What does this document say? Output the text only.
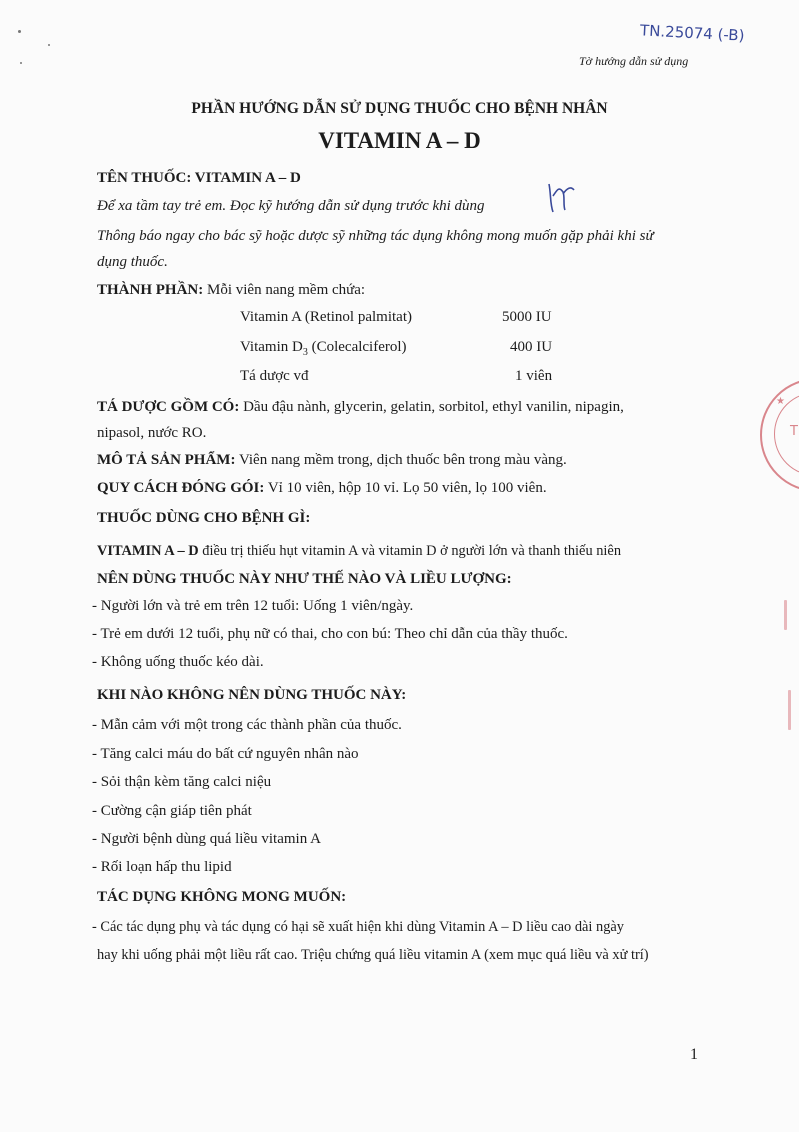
TN.25074 (-B)
Tờ hướng dẫn sử dụng
PHẦN HƯỚNG DẪN SỬ DỤNG THUỐC CHO BỆNH NHÂN
VITAMIN A – D
TÊN THUỐC: VITAMIN A – D
Để xa tầm tay trẻ em. Đọc kỹ hướng dẫn sử dụng trước khi dùng
Thông báo ngay cho bác sỹ hoặc dược sỹ những tác dụng không mong muốn gặp phải khi sử
dụng thuốc.
THÀNH PHẦN: Mỗi viên nang mềm chứa:
Vitamin A (Retinol palmitat)	5000 IU
Vitamin $D_3$ (Colecalciferol)	400 IU
Tá dược vđ	1 viên
TÁ DƯỢC GỒM CÓ: Dầu đậu nành, glycerin, gelatin, sorbitol, ethyl vanilin, nipagin,
nipasol, nước RO.
MÔ TẢ SẢN PHẨM: Viên nang mềm trong, dịch thuốc bên trong màu vàng.
QUY CÁCH ĐÓNG GÓI: Vỉ 10 viên, hộp 10 vỉ. Lọ 50 viên, lọ 100 viên.
THUỐC DÙNG CHO BỆNH GÌ:
VITAMIN A – D điều trị thiếu hụt vitamin A và vitamin D ở người lớn và thanh thiếu niên
NÊN DÙNG THUỐC NÀY NHƯ THẾ NÀO VÀ LIỀU LƯỢNG:
- Người lớn và trẻ em trên 12 tuổi: Uống 1 viên/ngày.
- Trẻ em dưới 12 tuổi, phụ nữ có thai, cho con bú: Theo chỉ dẫn của thầy thuốc.
- Không uống thuốc kéo dài.
KHI NÀO KHÔNG NÊN DÙNG THUỐC NÀY:
- Mẫn cảm với một trong các thành phần của thuốc.
- Tăng calci máu do bất cứ nguyên nhân nào
- Sỏi thận kèm tăng calci niệu
- Cường cận giáp tiên phát
- Người bệnh dùng quá liều vitamin A
- Rối loạn hấp thu lipid
TÁC DỤNG KHÔNG MONG MUỐN:
- Các tác dụng phụ và tác dụng có hại sẽ xuất hiện khi dùng Vitamin A – D liều cao dài ngày
hay khi uống phải một liều rất cao. Triệu chứng quá liều vitamin A (xem mục quá liều và xử trí)
1
★
T
